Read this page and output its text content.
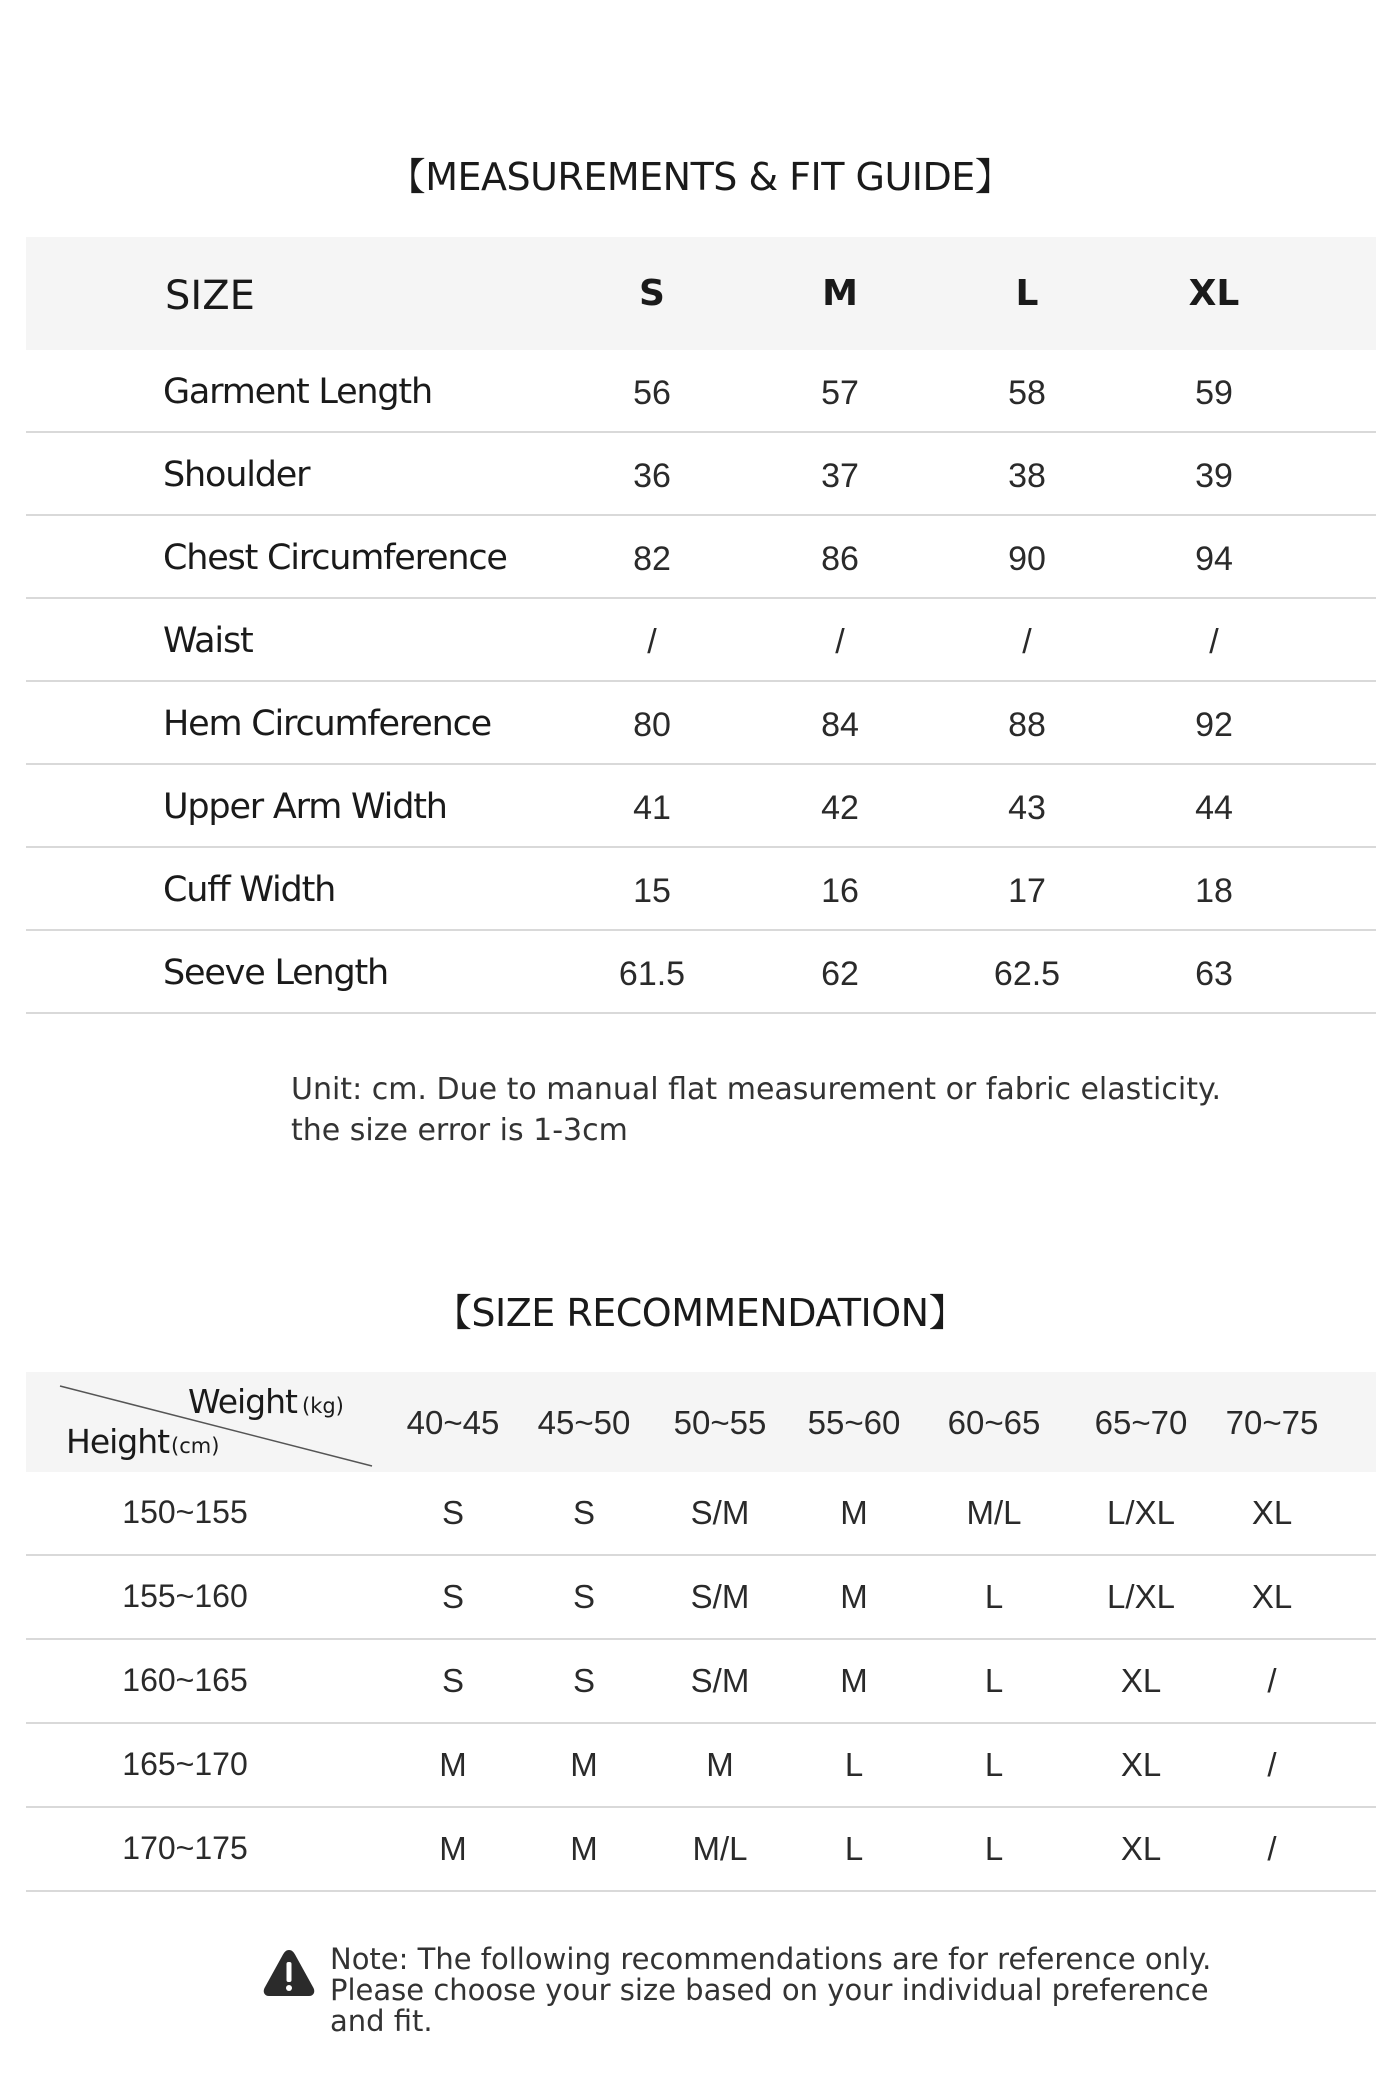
【MEASUREMENTS & FIT GUIDE】
SIZE	S	M	L	XL
Garment Length	56	57	58	59
Shoulder	36	37	38	39
Chest Circumference	82	86	90	94
Waist	/	/	/	/
Hem Circumference	80	84	88	92
Upper Arm Width	41	42	43	44
Cuff Width	15	16	17	18
Seeve Length	61.5	62	62.5	63
Unit: cm. Due to manual flat measurement or fabric elasticity.
the size error is 1-3cm
【SIZE RECOMMENDATION】
Weight (kg)
Height (cm)
40~45	45~50	50~55	55~60	60~65	65~70	70~75
150~155	S	S	S/M	M	M/L	L/XL	XL
155~160	S	S	S/M	M	L	L/XL	XL
160~165	S	S	S/M	M	L	XL	/
165~170	M	M	M	L	L	XL	/
170~175	M	M	M/L	L	L	XL	/
Note: The following recommendations are for reference only.
Please choose your size based on your individual preference and fit.
